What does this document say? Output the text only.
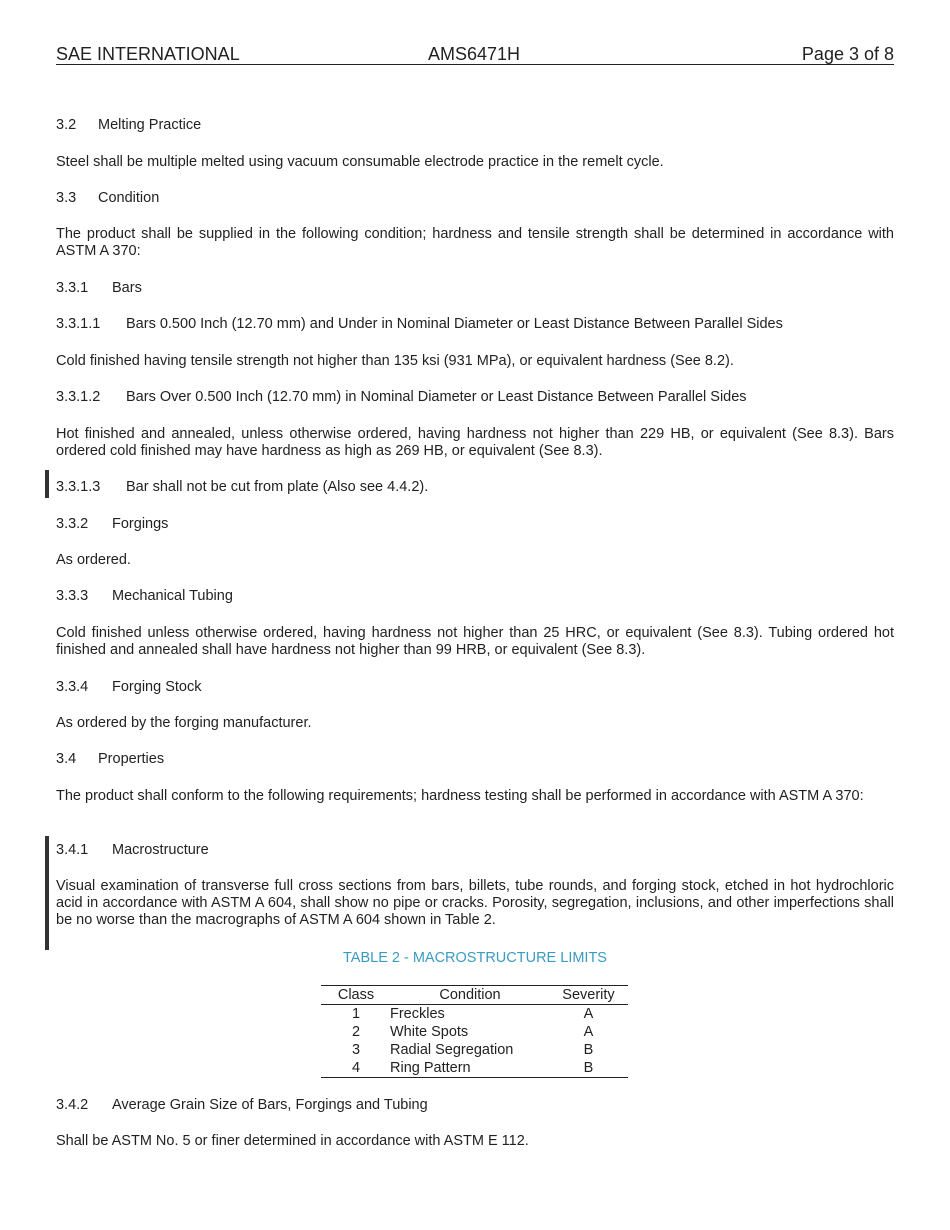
SAE INTERNATIONAL	AMS6471H	Page 3 of 8
3.2 Melting Practice
Steel shall be multiple melted using vacuum consumable electrode practice in the remelt cycle.
3.3 Condition
The product shall be supplied in the following condition; hardness and tensile strength shall be determined in accordance with ASTM A 370:
3.3.1 Bars
3.3.1.1 Bars 0.500 Inch (12.70 mm) and Under in Nominal Diameter or Least Distance Between Parallel Sides
Cold finished having tensile strength not higher than 135 ksi (931 MPa), or equivalent hardness (See 8.2).
3.3.1.2 Bars Over 0.500 Inch (12.70 mm) in Nominal Diameter or Least Distance Between Parallel Sides
Hot finished and annealed, unless otherwise ordered, having hardness not higher than 229 HB, or equivalent (See 8.3). Bars ordered cold finished may have hardness as high as 269 HB, or equivalent (See 8.3).
3.3.1.3 Bar shall not be cut from plate (Also see 4.4.2).
3.3.2 Forgings
As ordered.
3.3.3 Mechanical Tubing
Cold finished unless otherwise ordered, having hardness not higher than 25 HRC, or equivalent (See 8.3). Tubing ordered hot finished and annealed shall have hardness not higher than 99 HRB, or equivalent (See 8.3).
3.3.4 Forging Stock
As ordered by the forging manufacturer.
3.4 Properties
The product shall conform to the following requirements; hardness testing shall be performed in accordance with ASTM A 370:
3.4.1 Macrostructure
Visual examination of transverse full cross sections from bars, billets, tube rounds, and forging stock, etched in hot hydrochloric acid in accordance with ASTM A 604, shall show no pipe or cracks. Porosity, segregation, inclusions, and other imperfections shall be no worse than the macrographs of ASTM A 604 shown in Table 2.
TABLE 2 - MACROSTRUCTURE LIMITS
Class	Condition	Severity
1	Freckles	A
2	White Spots	A
3	Radial Segregation	B
4	Ring Pattern	B
3.4.2 Average Grain Size of Bars, Forgings and Tubing
Shall be ASTM No. 5 or finer determined in accordance with ASTM E 112.
